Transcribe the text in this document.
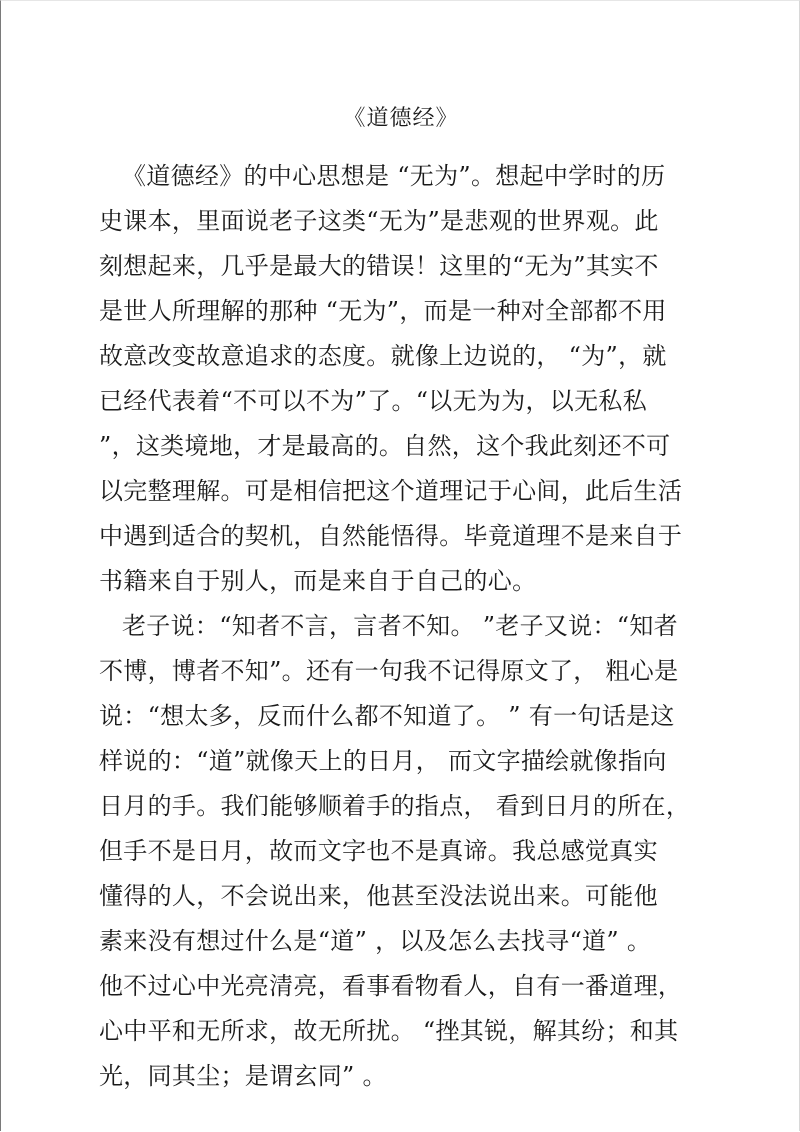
《道德经》
《道德经》的中心思想是 “无为”。想起中学时的历
史课本，里面说老子这类“无为”是悲观的世界观。此
刻想起来，几乎是最大的错误！这里的“无为”其实不
是世人所理解的那种 “无为”，而是一种对全部都不用
故意改变故意追求的态度。就像上边说的， “为”，就
已经代表着“不可以不为”了。“以无为为，以无私私
”，这类境地，才是最高的。自然，这个我此刻还不可
以完整理解。可是相信把这个道理记于心间，此后生活
中遇到适合的契机，自然能悟得。毕竟道理不是来自于
书籍来自于别人，而是来自于自己的心。
老子说：“知者不言，言者不知。 ”老子又说：“知者
不博，博者不知”。还有一句我不记得原文了， 粗心是
说：“想太多，反而什么都不知道了。 ” 有一句话是这
样说的：“道”就像天上的日月， 而文字描绘就像指向
日月的手。我们能够顺着手的指点， 看到日月的所在，
但手不是日月，故而文字也不是真谛。我总感觉真实
懂得的人，不会说出来，他甚至没法说出来。可能他
素来没有想过什么是“道” ，以及怎么去找寻“道” 。
他不过心中光亮清亮，看事看物看人，自有一番道理，
心中平和无所求，故无所扰。 “挫其锐，解其纷；和其
光，同其尘；是谓玄同” 。
